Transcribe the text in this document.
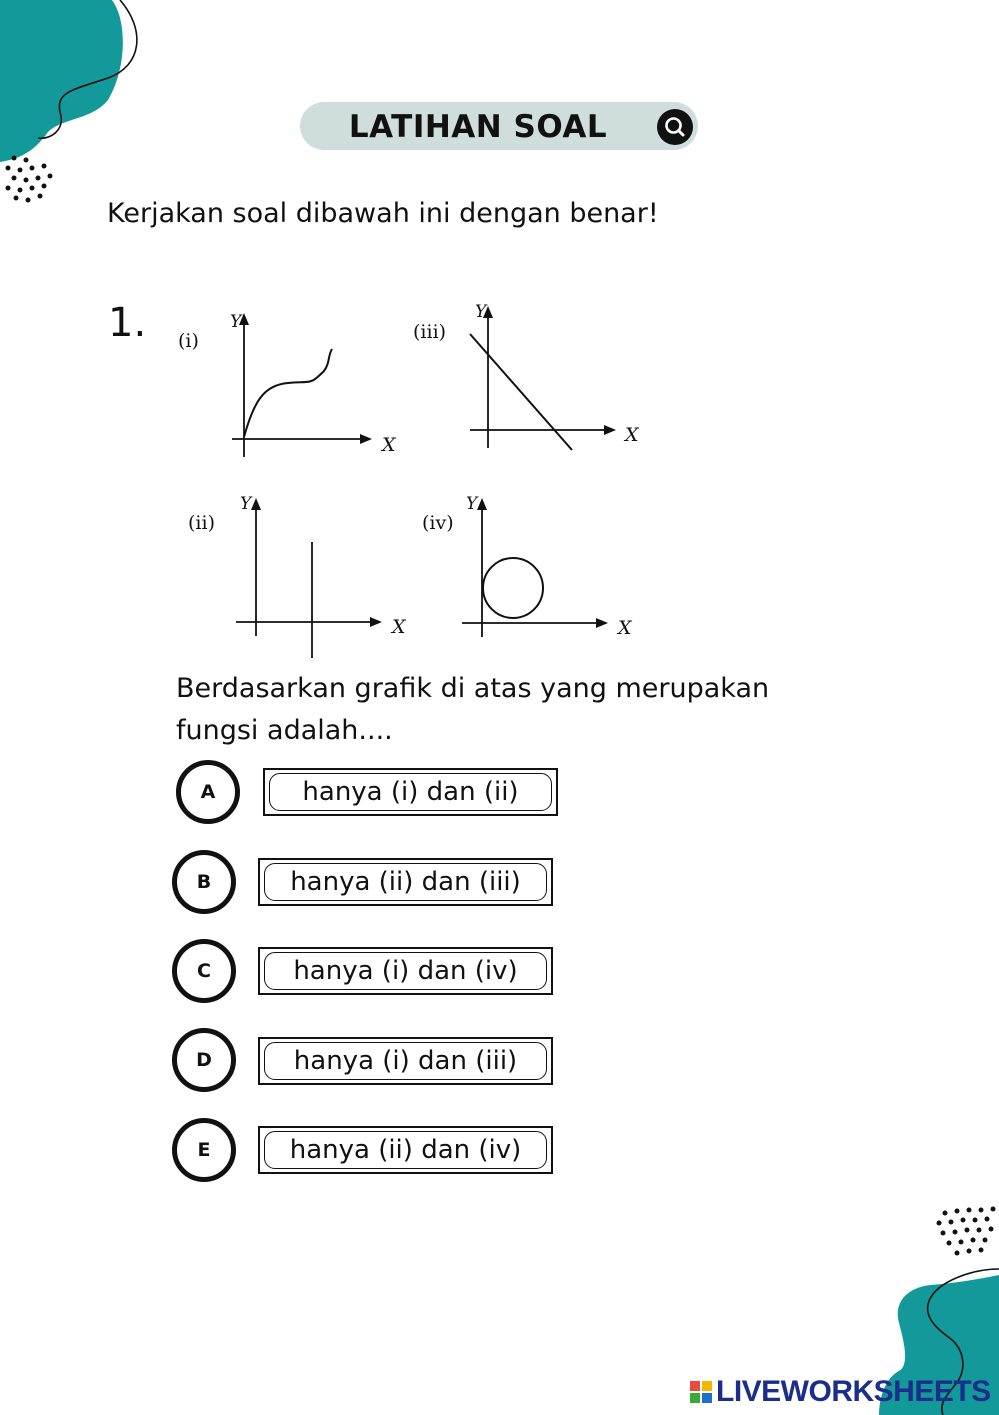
LATIHAN SOAL
Kerjakan soal dibawah ini dengan benar!
1. (i)
Y
X
(iii)
Y
X
(ii)
Y
X
(iv)
Y
X
Berdasarkan grafik di atas yang merupakan
fungsi adalah....
A	hanya (i) dan (ii)
B	hanya (ii) dan (iii)
C	hanya (i) dan (iv)
D	hanya (i) dan (iii)
E	hanya (ii) dan (iv)
LIVEWORKSHEETS
